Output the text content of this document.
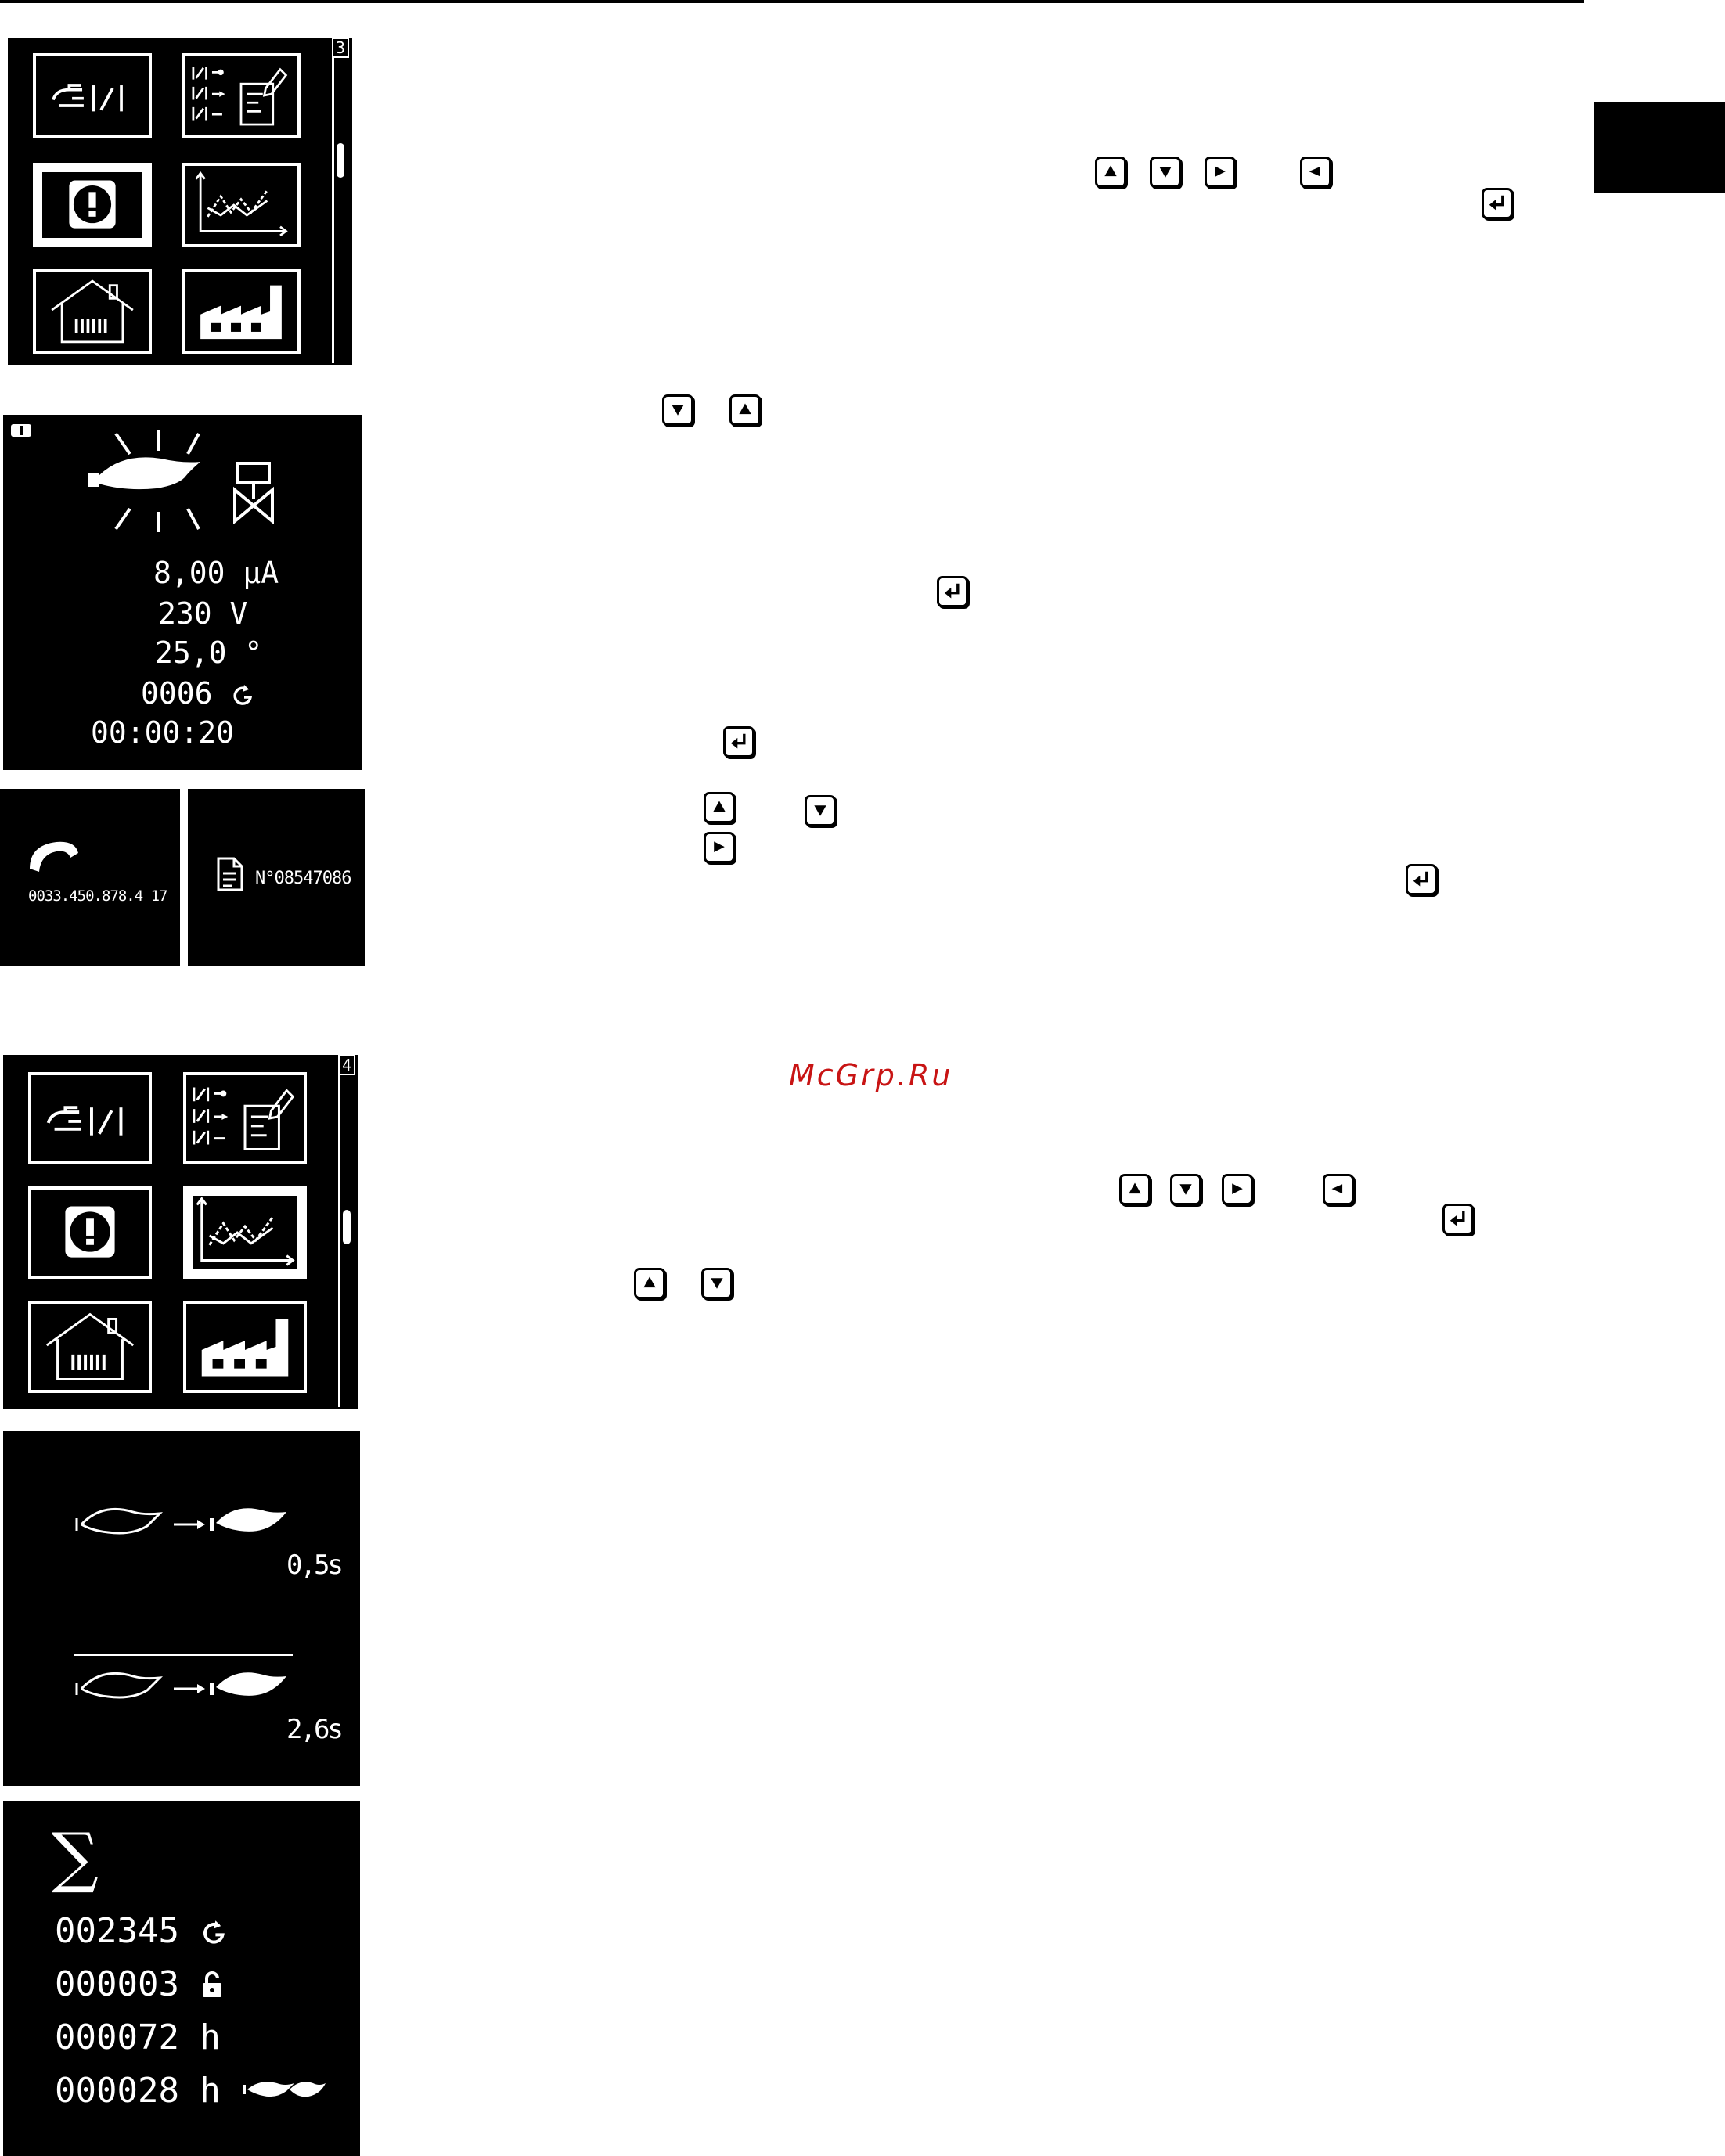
3
8,00 µA
230 V
25,0 °
0006
00:00:20
0033.450.878.4 17
N°08547086
4
0,5s
2,6s
∑
002345
000003
000072 h
000028 h
McGrp.Ru
